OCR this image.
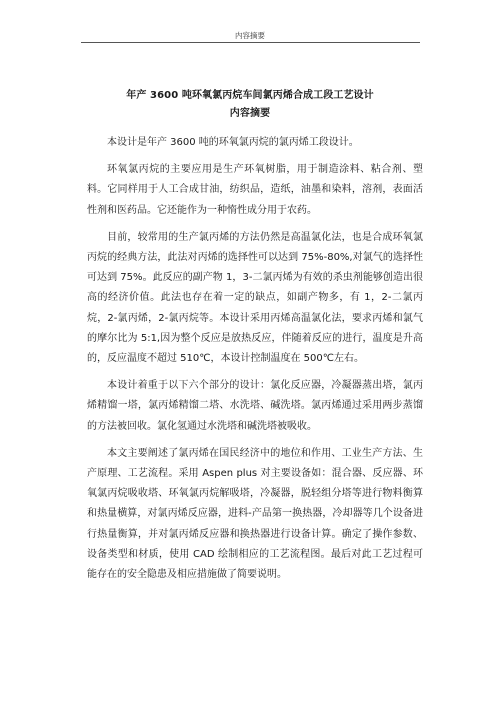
内容摘要
年产 3600 吨环氧氯丙烷车间氯丙烯合成工段工艺设计
内容摘要

本设计是年产 3600 吨的环氧氯丙烷的氯丙烯工段设计。

环氧氯丙烷的主要应用是生产环氧树脂，用于制造涂料、粘合剂、塑料。它同样用于人工合成甘油，纺织品，造纸，油墨和染料，溶剂，表面活性剂和医药品。它还能作为一种惰性成分用于农药。

目前，较常用的生产氯丙烯的方法仍然是高温氯化法，也是合成环氧氯丙烷的经典方法，此法对丙烯的选择性可以达到 75%-80%,对氯气的选择性可达到 75%。此反应的副产物 1，3-二氯丙烯为有效的杀虫剂能够创造出很高的经济价值。此法也存在着一定的缺点，如副产物多，有 1，2-二氯丙烷，2-氯丙烯，2-氯丙烷等。本设计采用丙烯高温氯化法，要求丙烯和氯气的摩尔比为 5:1,因为整个反应是放热反应，伴随着反应的进行，温度是升高的，反应温度不超过 510℃，本设计控制温度在 500℃左右。

本设计着重于以下六个部分的设计：氯化反应器，冷凝器蒸出塔，氯丙烯精馏一塔，氯丙烯精馏二塔、水洗塔、碱洗塔。氯丙烯通过采用两步蒸馏的方法被回收。氯化氢通过水洗塔和碱洗塔被吸收。

本文主要阐述了氯丙烯在国民经济中的地位和作用、工业生产方法、生产原理、工艺流程。采用 Aspen plus 对主要设备如：混合器、反应器、环氧氯丙烷吸收塔、环氧氯丙烷解吸塔，冷凝器，脱轻组分塔等进行物料衡算和热量横算，对氯丙烯反应器，进料-产品第一换热器，冷却器等几个设备进行热量衡算，并对氯丙烯反应器和换热器进行设备计算。确定了操作参数、设备类型和材质，使用 CAD 绘制相应的工艺流程图。最后对此工艺过程可能存在的安全隐患及相应措施做了简要说明。
